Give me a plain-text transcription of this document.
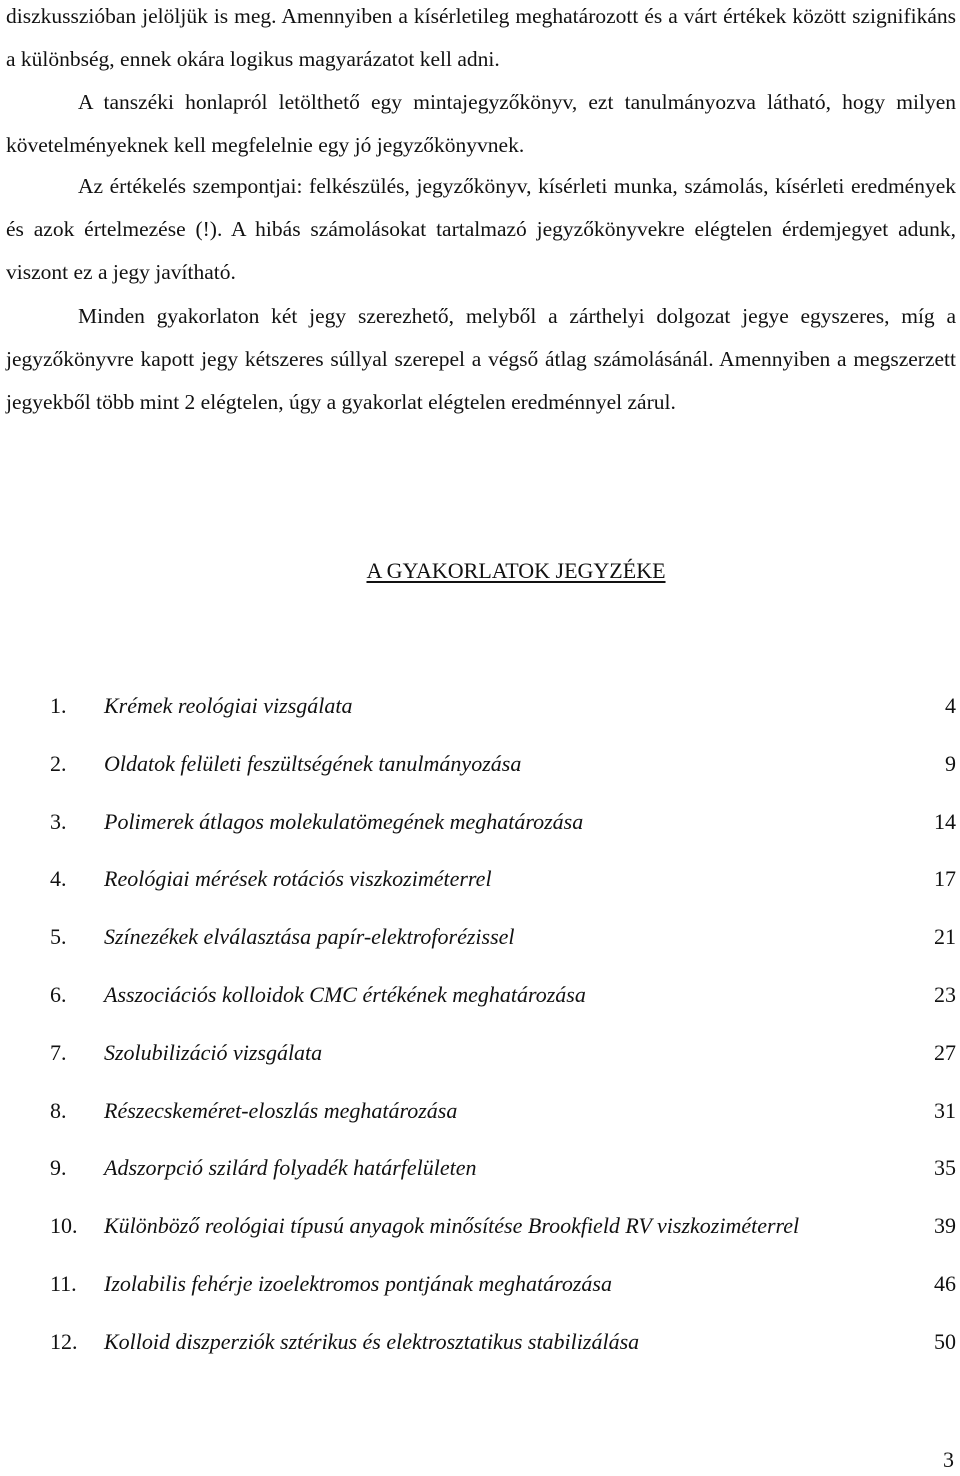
diszkusszióban jelöljük is meg. Amennyiben a kísérletileg meghatározott és a várt értékek között szignifikáns a különbség, ennek okára logikus magyarázatot kell adni.

A tanszéki honlapról letölthető egy mintajegyzőkönyv, ezt tanulmányozva látható, hogy milyen követelményeknek kell megfelelnie egy jó jegyzőkönyvnek.

Az értékelés szempontjai: felkészülés, jegyzőkönyv, kísérleti munka, számolás, kísérleti eredmények és azok értelmezése (!). A hibás számolásokat tartalmazó jegyzőkönyvekre elégtelen érdemjegyet adunk, viszont ez a jegy javítható.

Minden gyakorlaton két jegy szerezhető, melyből a zárthelyi dolgozat jegye egyszeres, míg a jegyzőkönyvre kapott jegy kétszeres súllyal szerepel a végső átlag számolásánál. Amennyiben a megszerzett jegyekből több mint 2 elégtelen, úgy a gyakorlat elégtelen eredménnyel zárul.

A GYAKORLATOK JEGYZÉKE
1. Krémek reológiai vizsgálata	4
2. Oldatok felületi feszültségének tanulmányozása	9
3. Polimerek átlagos molekulatömegének meghatározása	14
4. Reológiai mérések rotációs viszkoziméterrel	17
5. Színezékek elválasztása papír-elektroforézissel	21
6. Asszociációs kolloidok CMC értékének meghatározása	23
7. Szolubilizáció vizsgálata	27
8. Részecskeméret-eloszlás meghatározása	31
9. Adszorpció szilárd folyadék határfelületen	35
10. Különböző reológiai típusú anyagok minősítése Brookfield RV viszkoziméterrel	39
11. Izolabilis fehérje izoelektromos pontjának meghatározása	46
12. Kolloid diszperziók sztérikus és elektrosztatikus stabilizálása	50
3
